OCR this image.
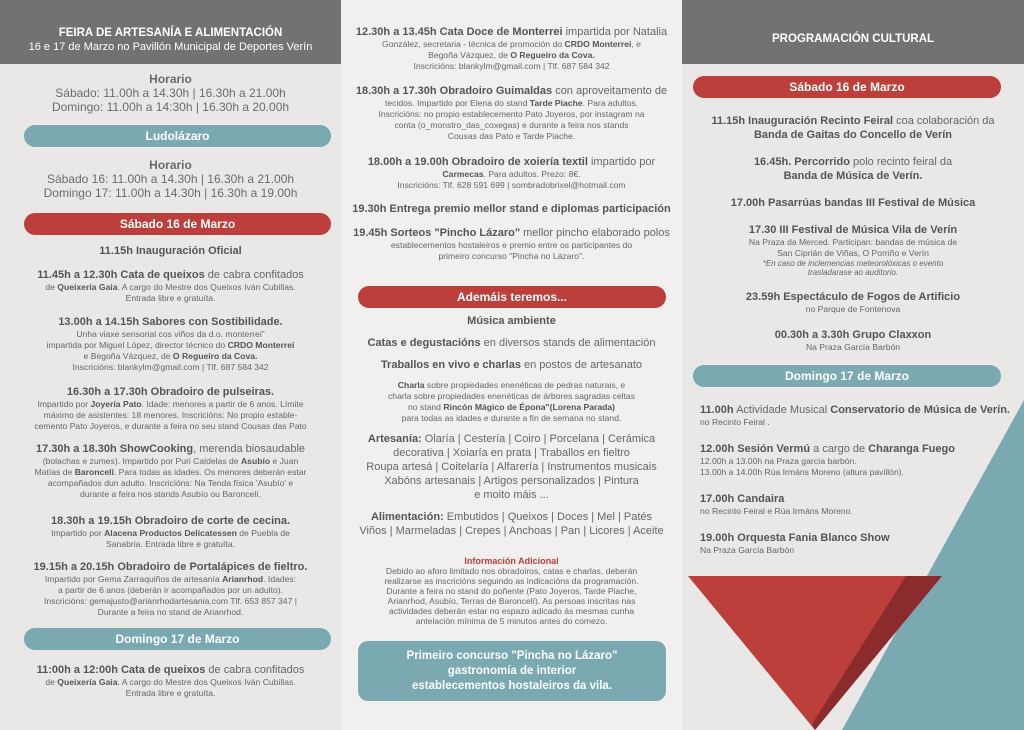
FEIRA DE ARTESANÍA E ALIMENTACIÓN
16 e 17 de Marzo no Pavillón Municipal de Deportes Verín
Horario
Sábado: 11.00h a 14.30h | 16.30h a 21.00h
Domingo: 11.00h a 14:30h | 16.30h a 20.00h
Ludolázaro
Horario
Sábado 16: 11.00h a 14.30h | 16.30h a 21.00h
Domingo 17: 11.00h a 14.30h | 16.30h a 19.00h
Sábado 16 de Marzo
11.15h Inauguración Oficial
11.45h a 12.30h Cata de queixos de cabra confitados
de Queixería Gaia. A cargo do Mestre dos Queixos Iván Cubillas.
Entrada libre e gratuíta.
13.00h a 14.15h Sabores con Sostibilidade.
Unha viaxe sensorial cos viños da d.o. monterrei”
impartida por Miguel López, director técnico do CRDO Monterrei
e Begoña Vázquez, de O Regueiro da Cova.
Inscricións: blankylm@gmail.com | Tlf. 687 584 342
16.30h a 17.30h Obradoiro de pulseiras.
Impartido por Joyería Pato. Idade: menores a partir de 6 anos. Límite
máximo de asistentes: 18 menores. Inscricións: No propio estable-
cemento Pato Joyeros, e durante a feira no seu stand Cousas das Pato
17.30h a 18.30h ShowCooking, merenda biosaudable
(bolachas e zumes). Impartido por Puri Caldelas de Asubío e Juan
Matías de Baroncelí. Para todas as idades. Os menores deberán estar
acompañados dun adulto. Inscricións: Na Tenda física 'Asubío' e
durante a feira nos stands Asubío ou Baroncelí.
18.30h a 19.15h Obradoiro de corte de cecina.
Impartido por Alacena Productos Delicatessen de Puebla de
Sanabria. Entrada libre e gratuíta.
19.15h a 20.15h Obradoiro de Portalápices de fieltro.
Impartido por Gema Zarraquiños de artesanía Arianrhod. Idades:
a partir de 6 anos (deberán ir acompañados por un adulto).
Inscricións: gemajusto@arianrhodartesania.com Tlf. 653 857 347 |
Durante a feira no stand de Arianrhod.
Domingo 17 de Marzo
11:00h a 12:00h Cata de queixos de cabra confitados
de Queixería Gaia. A cargo do Mestre dos Queixos Iván Cubillas.
Entrada libre e gratuíta.
12.30h a 13.45h Cata Doce de Monterrei impartida por Natalia
González, secretaria - técnica de promoción do CRDO Monterrei, e
Begoña Vázquez, de O Regueiro da Cova.
Inscricións: blankylm@gmail.com | Tlf. 687 584 342
18.30h a 17.30h Obradoiro Guimaldas con aproveitamento de
tecidos. Impartido por Elena do stand Tarde Piache. Para adultos.
Inscricións: no propio establecemento Pato Joyeros, por instagram na
conta (o_monstro_das_coxegas) e durante a feira nos stands
Cousas das Pato e Tarde Piache.
18.00h a 19.00h Obradoiro de xoiería textil impartido por
Carmecas. Para adultos. Prezo: 8€.
Inscricións: Tlf. 628 591 699 | sombradobrixel@hotmail.com
19.30h Entrega premio mellor stand e diplomas participación
19.45h Sorteos "Pincho Lázaro" mellor pincho elaborado polos
establecementos hostaleiros e premio entre os participantes do
primeiro concurso "Pincha no Lázaro".
Ademáis teremos...
Música ambiente
Catas e degustacións en diversos stands de alimentación
Traballos en vivo e charlas en postos de artesanato
Charla sobre propiedades enenéticas de pedras naturais, e
charla sobre propiedades enenéticas de árbores sagradas celtas
no stand Rincón Mágico de Épona"(Lorena Parada)
para todas as idades e durante a fin de semana no stand.
Artesanía: Olaría | Cestería | Coiro | Porcelana | Cerámica
decorativa | Xoiaría en prata | Traballos en fieltro
Roupa artesá | Coitelaría | Alfarería | Instrumentos musicais
Xabóns artesanais | Artigos personalizados | Pintura
e moito máis ...
Alimentación: Embutidos | Queixos | Doces | Mel | Patés
Viños | Marmeladas | Crepes | Anchoas | Pan | Licores | Aceite
Información Adicional
Debido ao aforo limitado nos obradoiros, catas e charlas, deberán
realizarse as inscricións seguindo as indicacións da programación.
Durante a feira no stand do poñente (Pato Joyeros, Tarde Piache,
Arianrhod, Asubío, Terras de Baroncelí). As persoas inscritas nas
actividades deberán estar no espazo adicado ás mesmas cunha
antelación mínima de 5 minutos antes do comezo.
Primeiro concurso "Pincha no Lázaro"
gastronomía de interior
establecementos hostaleiros da vila.
PROGRAMACIÓN CULTURAL
Sábado 16 de Marzo
11.15h Inauguración Recinto Feiral coa colaboración da
Banda de Gaitas do Concello de Verín
16.45h. Percorrido polo recinto feiral da
Banda de Música de Verín.
17.00h Pasarrúas bandas III Festival de Música
17.30 III Festival de Música Vila de Verín
Na Praza da Merced. Participan: bandas de música de
San Ciprián de Viñas, O Porriño e Verín
*En caso de inclemencias meteorolóxicas o evento
trasladarase ao auditorio.
23.59h Espectáculo de Fogos de Artificio
no Parque de Fontenova
00.30h a 3.30h Grupo Claxxon
Na Praza García Barbón
Domingo 17 de Marzo
11.00h Actividade Musical Conservatorio de Música de Verín.
no Recinto Feiral .
12.00h Sesión Vermú a cargo de Charanga Fuego
12.00h a 13.00h na Praza garcía barbón.
13.00h a 14.00h Rúa Irmáns Moreno (altura pavillón).
17.00h Candaira
no Recinto Feiral e Rúa Irmáns Moreno.
19.00h Orquesta Fania Blanco Show
Na Praza García Barbón
